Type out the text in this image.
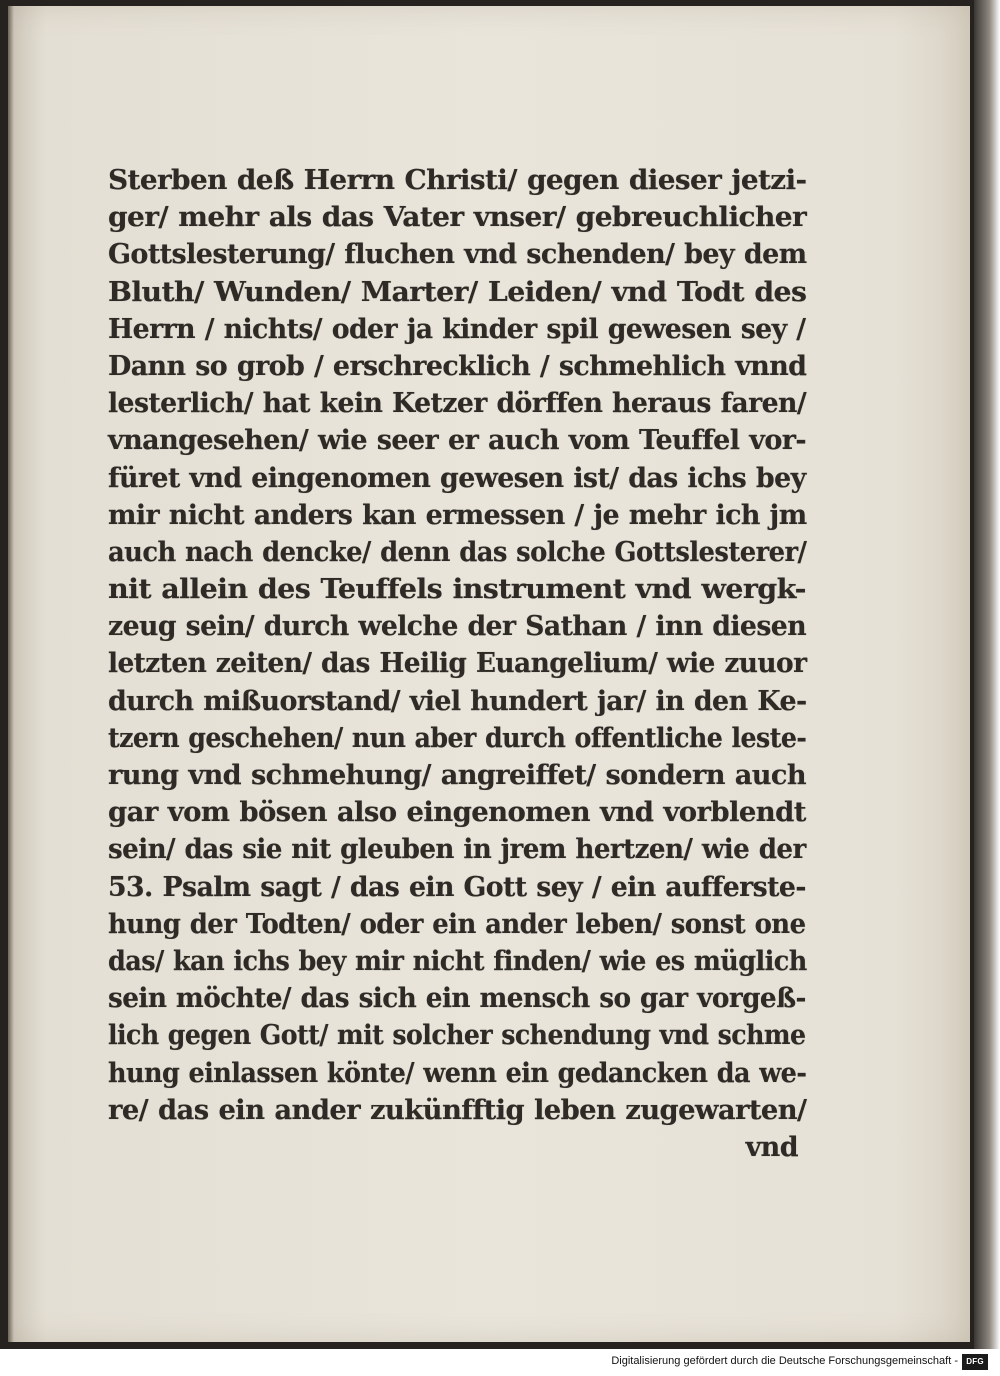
Sterben deß Herrn Christi/ gegen dieser jetzi-
ger/ mehr als das Vater vnser/ gebreuchlicher
Gottslesterung/ fluchen vnd schenden/ bey dem
Bluth/ Wunden/ Marter/ Leiden/ vnd Todt des
Herrn / nichts/ oder ja kinder spil gewesen sey /
Dann so grob / erschrecklich / schmehlich vnnd
lesterlich/ hat kein Ketzer dörffen heraus faren/
vnangesehen/ wie seer er auch vom Teuffel vor-
füret vnd eingenomen gewesen ist/ das ichs bey
mir nicht anders kan ermessen / je mehr ich jm
auch nach dencke/ denn das solche Gottslesterer/
nit allein des Teuffels instrument vnd wergk-
zeug sein/ durch welche der Sathan / inn diesen
letzten zeiten/ das Heilig Euangelium/ wie zuuor
durch mißuorstand/ viel hundert jar/ in den Ke-
tzern geschehen/ nun aber durch offentliche leste-
rung vnd schmehung/ angreiffet/ sondern auch
gar vom bösen also eingenomen vnd vorblendt
sein/ das sie nit gleuben in jrem hertzen/ wie der
53. Psalm sagt / das ein Gott sey / ein aufferste-
hung der Todten/ oder ein ander leben/ sonst one
das/ kan ichs bey mir nicht finden/ wie es müglich
sein möchte/ das sich ein mensch so gar vorgeß-
lich gegen Gott/ mit solcher schendung vnd schme
hung einlassen könte/ wenn ein gedancken da we-
re/ das ein ander zukünfftig leben zugewarten/
vnd
Digitalisierung gefördert durch die Deutsche Forschungsgemeinschaft -	DFG
